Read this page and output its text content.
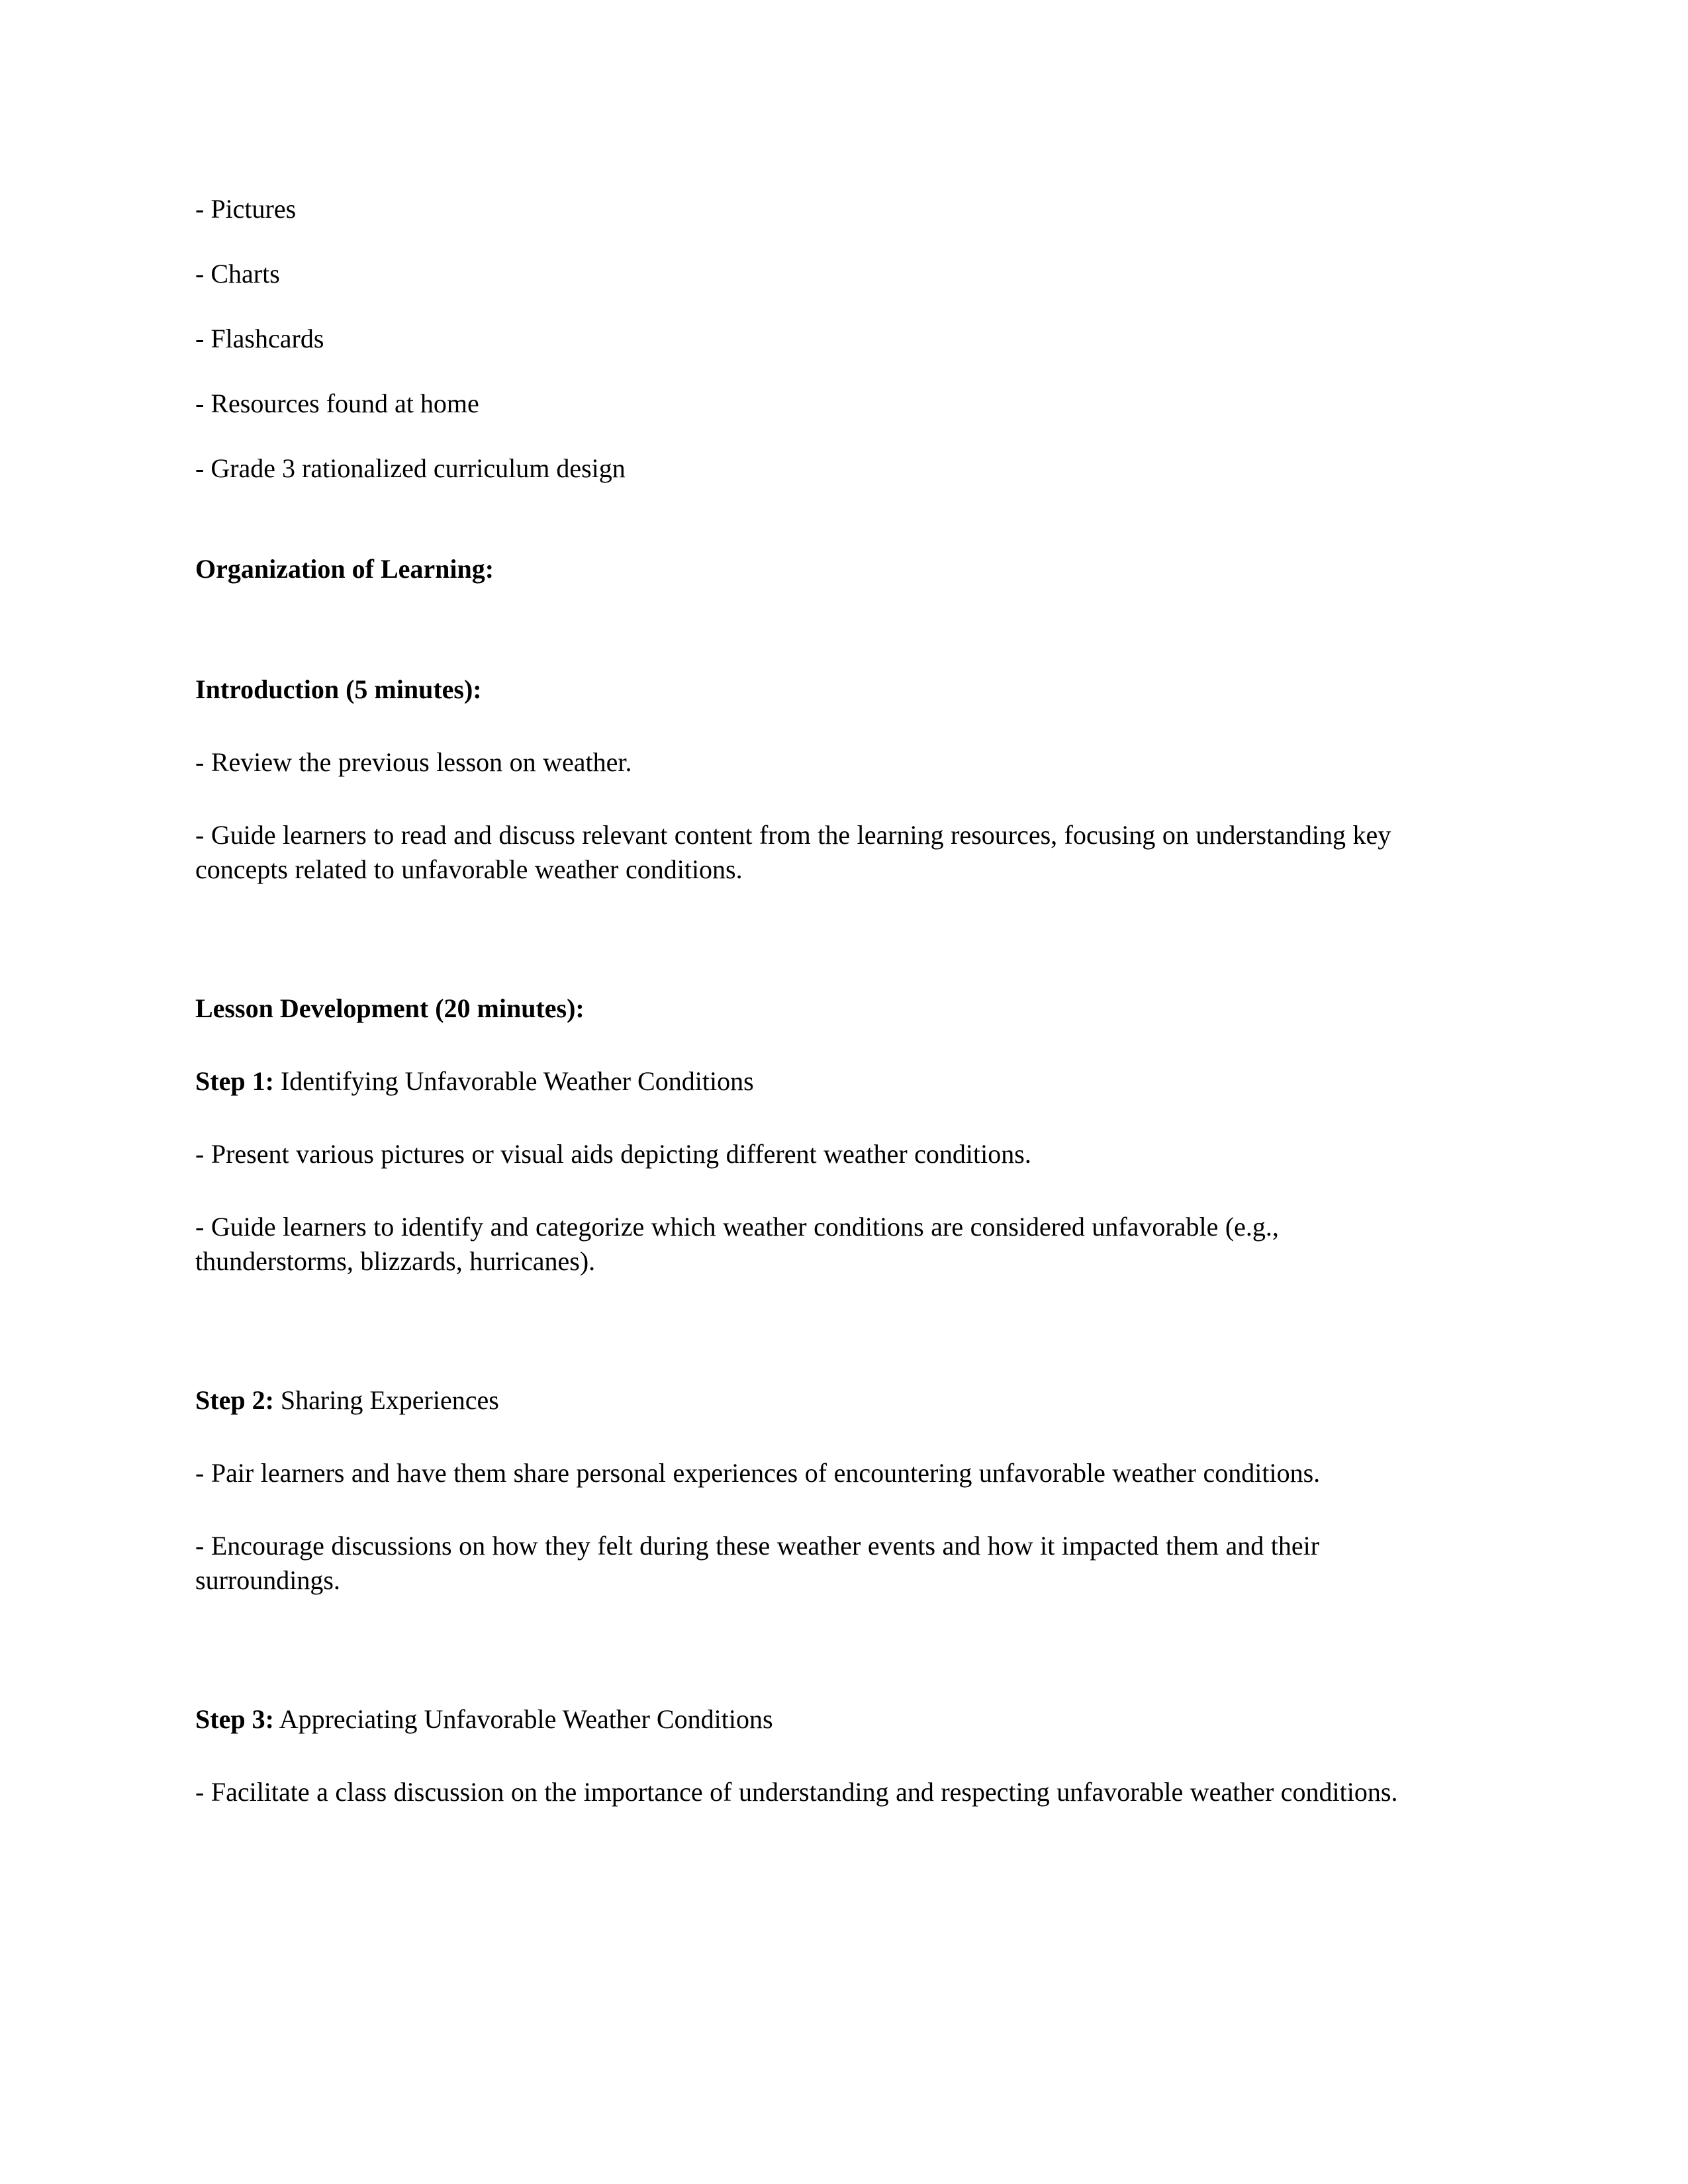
- Pictures

- Charts

- Flashcards

- Resources found at home

- Grade 3 rationalized curriculum design

Organization of Learning:
Introduction (5 minutes):

- Review the previous lesson on weather.

- Guide learners to read and discuss relevant content from the learning resources, focusing on understanding key concepts related to unfavorable weather conditions.

Lesson Development (20 minutes):

Step 1: Identifying Unfavorable Weather Conditions

- Present various pictures or visual aids depicting different weather conditions.

- Guide learners to identify and categorize which weather conditions are considered unfavorable (e.g., thunderstorms, blizzards, hurricanes).

Step 2: Sharing Experiences

- Pair learners and have them share personal experiences of encountering unfavorable weather conditions.

- Encourage discussions on how they felt during these weather events and how it impacted them and their surroundings.

Step 3: Appreciating Unfavorable Weather Conditions

- Facilitate a class discussion on the importance of understanding and respecting unfavorable weather conditions.
